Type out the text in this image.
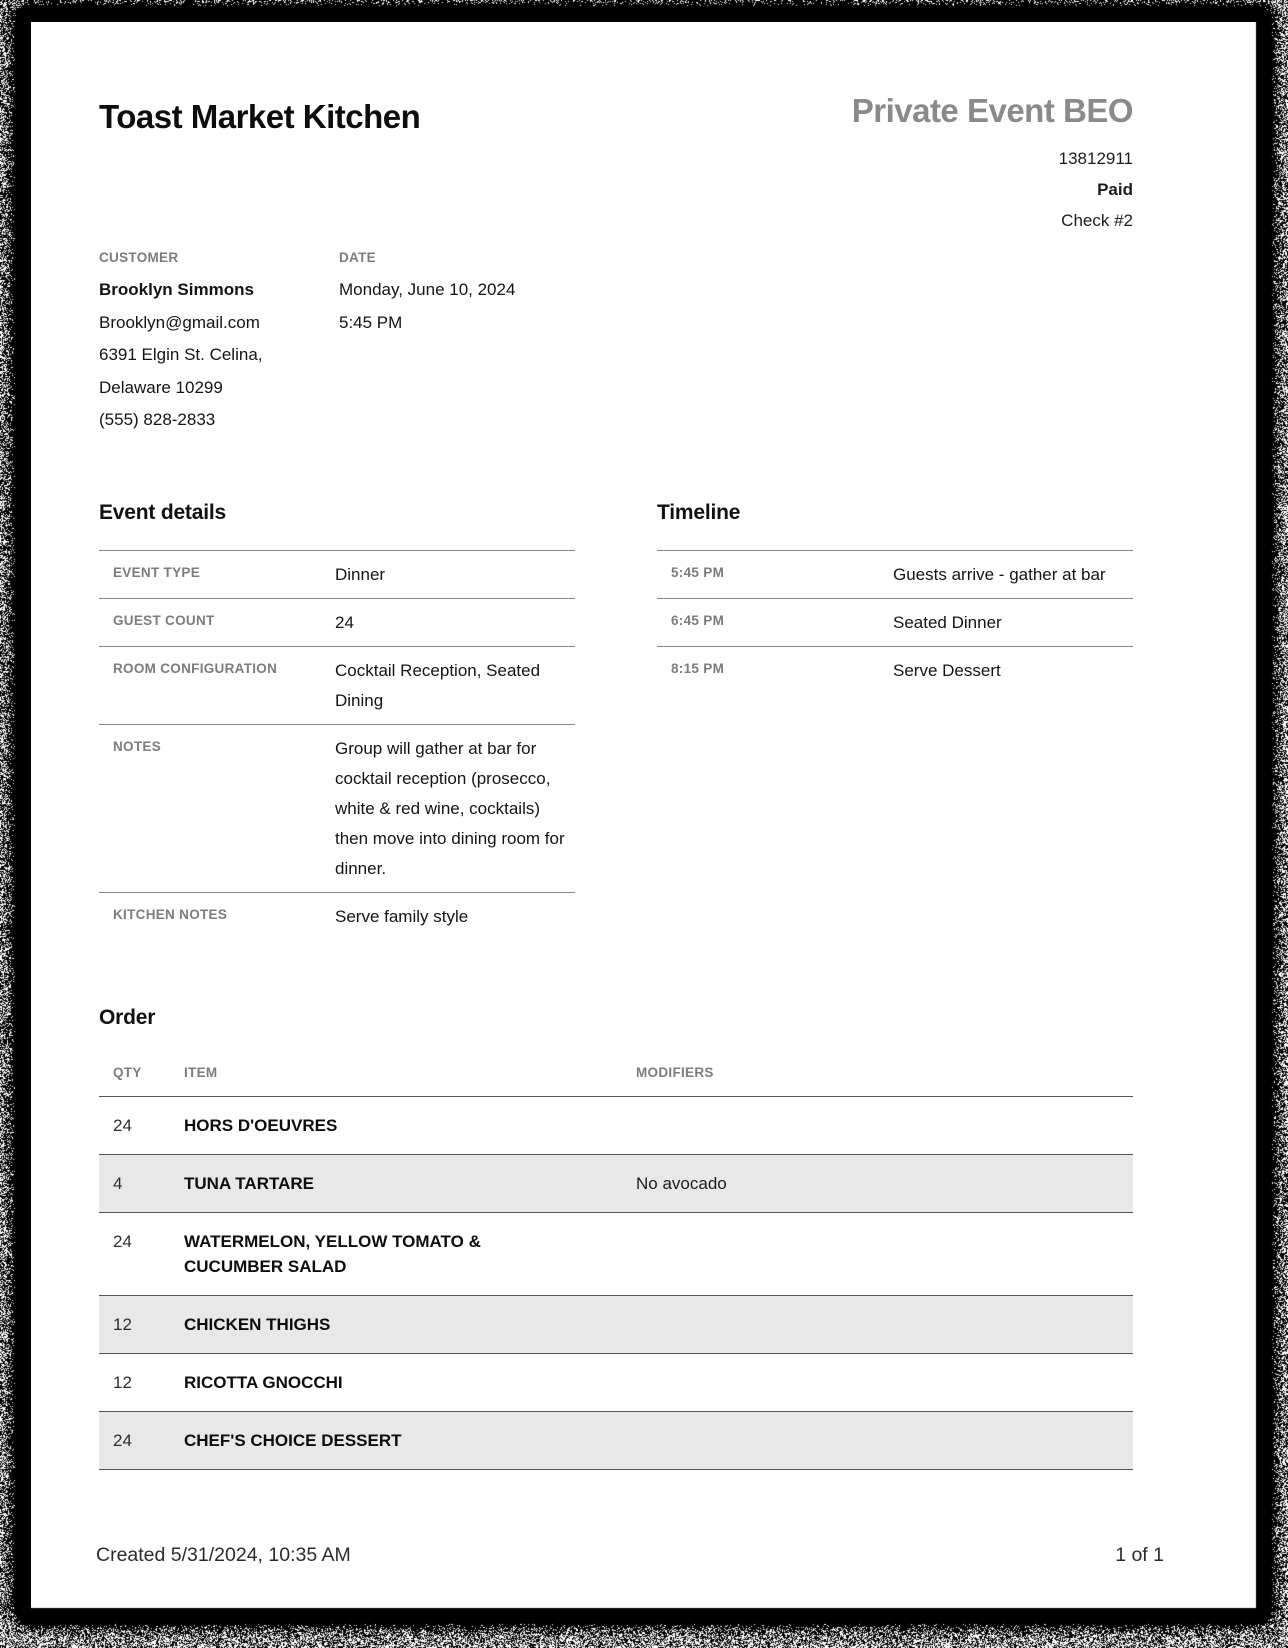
Toast Market Kitchen	Private Event BEO
13812911
Paid
Check #2
CUSTOMER
Brooklyn Simmons
Brooklyn@gmail.com
6391 Elgin St. Celina,
Delaware 10299
(555) 828-2833
DATE
Monday, June 10, 2024
5:45 PM
Event details
EVENT TYPE	Dinner
GUEST COUNT	24
ROOM CONFIGURATION	Cocktail Reception, Seated Dining
NOTES	Group will gather at bar for cocktail reception (prosecco, white & red wine, cocktails) then move into dining room for dinner.
KITCHEN NOTES	Serve family style
Timeline
5:45 PM	Guests arrive - gather at bar
6:45 PM	Seated Dinner
8:15 PM	Serve Dessert
Order
QTY	ITEM	MODIFIERS
24	HORS D'OEUVRES
4	TUNA TARTARE	No avocado
24	WATERMELON, YELLOW TOMATO & CUCUMBER SALAD
12	CHICKEN THIGHS
12	RICOTTA GNOCCHI
24	CHEF'S CHOICE DESSERT
Created 5/31/2024, 10:35 AM	1 of 1
